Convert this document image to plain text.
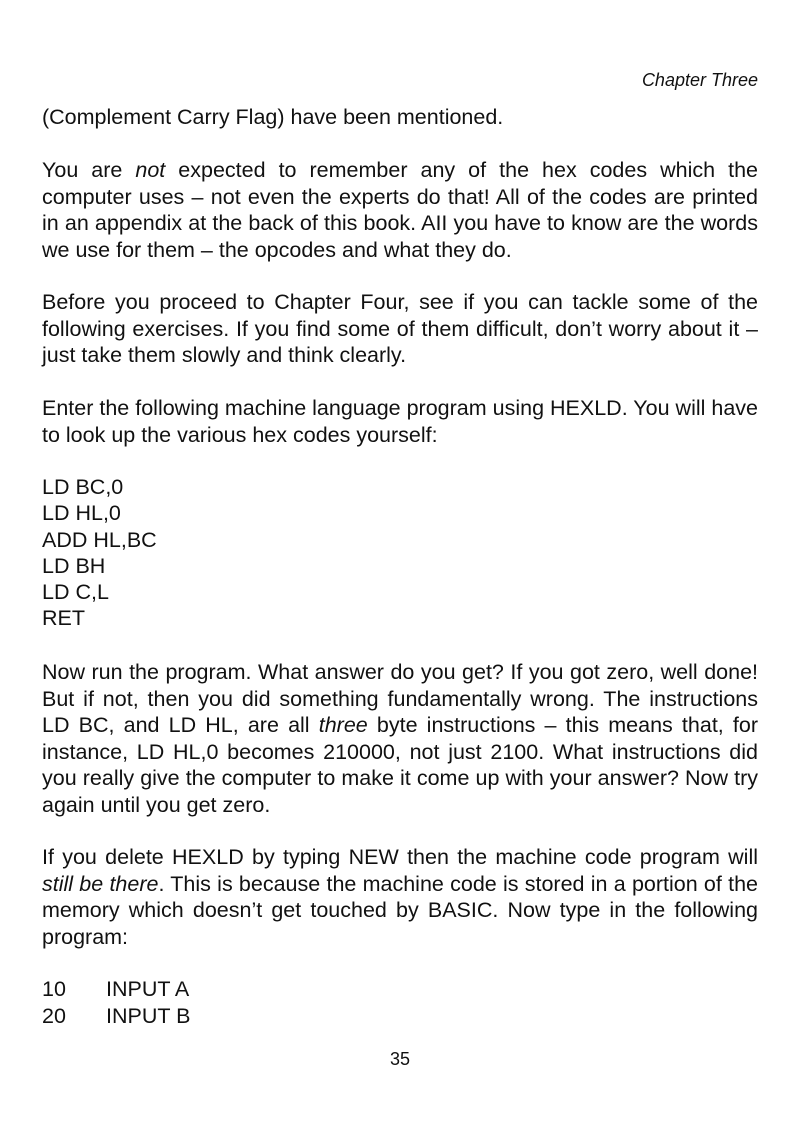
Chapter Three

(Complement Carry Flag) have been mentioned.

You are not expected to remember any of the hex codes which the computer uses – not even the experts do that! All of the codes are printed in an appendix at the back of this book. AII you have to know are the words we use for them – the opcodes and what they do.

Before you proceed to Chapter Four, see if you can tackle some of the following exercises. If you find some of them difficult, don’t worry about it – just take them slowly and think clearly.

Enter the following machine language program using HEXLD. You will have to look up the various hex codes yourself:

LD BC,0
LD HL,0
ADD HL,BC
LD BH
LD C,L
RET

Now run the program. What answer do you get? If you got zero, well done! But if not, then you did something fundamentally wrong. The instructions LD BC, and LD HL, are all three byte instructions – this means that, for instance, LD HL,0 becomes 210000, not just 2100. What instructions did you really give the computer to make it come up with your answer? Now try again until you get zero.

If you delete HEXLD by typing NEW then the machine code program will still be there. This is because the machine code is stored in a portion of the memory which doesn’t get touched by BASIC. Now type in the following program:

10	INPUT A
20	INPUT B
35
